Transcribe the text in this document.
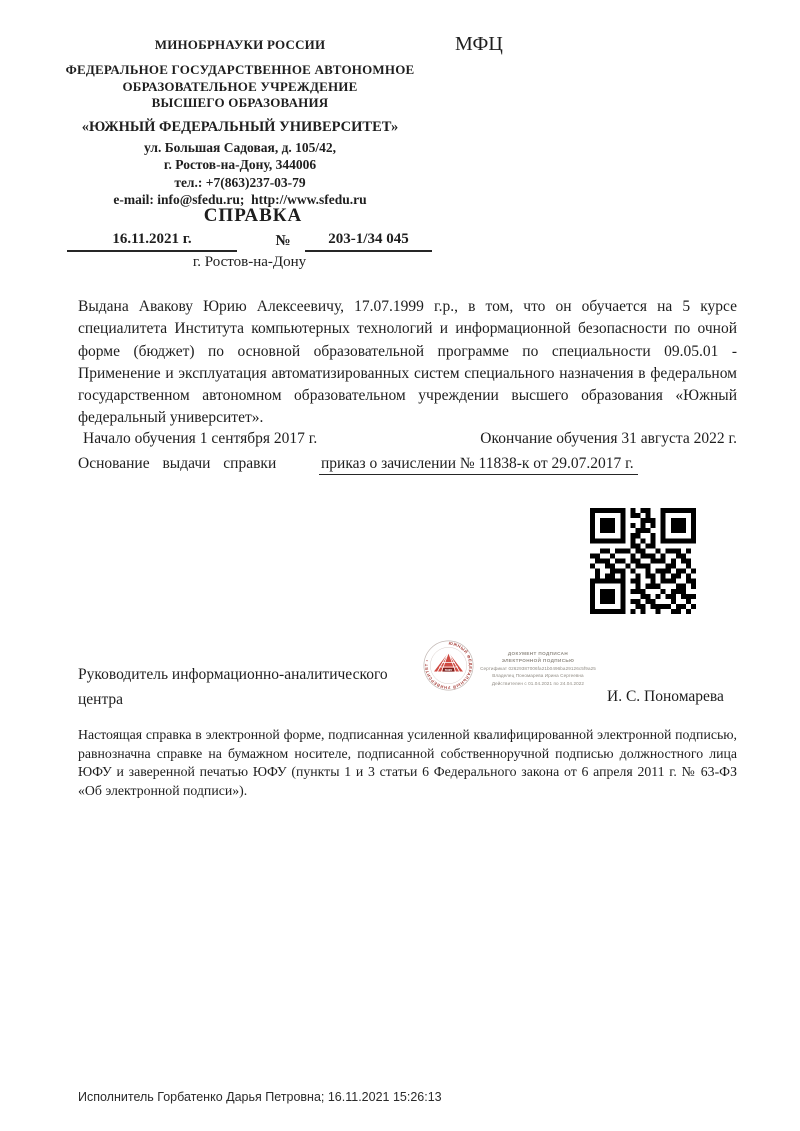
МИНОБРНАУКИ РОССИИ
ФЕДЕРАЛЬНОЕ ГОСУДАРСТВЕННОЕ АВТОНОМНОЕ
ОБРАЗОВАТЕЛЬНОЕ УЧРЕЖДЕНИЕ
ВЫСШЕГО ОБРАЗОВАНИЯ
«ЮЖНЫЙ ФЕДЕРАЛЬНЫЙ УНИВЕРСИТЕТ»
ул. Большая Садовая, д. 105/42,
г. Ростов-на-Дону, 344006
тел.: +7(863)237-03-79
e-mail: info@sfedu.ru;  http://www.sfedu.ru
МФЦ
СПРАВКА
16.11.2021 г.	№	203-1/34 045
г. Ростов-на-Дону
Выдана Авакову Юрию Алексеевичу, 17.07.1999 г.р., в том, что он обучается на 5 курсе специалитета Института компьютерных технологий и информационной безопасности по очной форме (бюджет) по основной образовательной программе по специальности 09.05.01 - Применение и эксплуатация автоматизированных систем специального назначения в федеральном государственном автономном образовательном учреждении высшего образования «Южный федеральный университет».
Начало обучения 1 сентября 2017 г.	Окончание обучения 31 августа 2022 г.
Основание выдачи справки	приказ о зачислении № 11838-к от 29.07.2017 г.
Руководитель информационно-аналитического
центра
ЮЖНЫЙ ФЕДЕРАЛЬНЫЙ УНИВЕРСИТЕТ •
ЮФУ
ДОКУМЕНТ ПОДПИСАН
ЭЛЕКТРОННОЙ ПОДПИСЬЮ
Сертификат 02629387006fa21b0496ba29126c5f9a25
Владелец Пономарева Ирина Сергеевна
Действителен с 01.04.2021 по 24.04.2022
И. С. Пономарева
Настоящая справка в электронной форме, подписанная усиленной квалифицированной электронной подписью, равнозначна справке на бумажном носителе, подписанной собственноручной подписью должностного лица ЮФУ и заверенной печатью ЮФУ (пункты 1 и 3 статьи 6 Федерального закона от 6 апреля 2011 г. № 63-ФЗ «Об электронной подписи»).
Исполнитель Горбатенко Дарья Петровна; 16.11.2021 15:26:13
